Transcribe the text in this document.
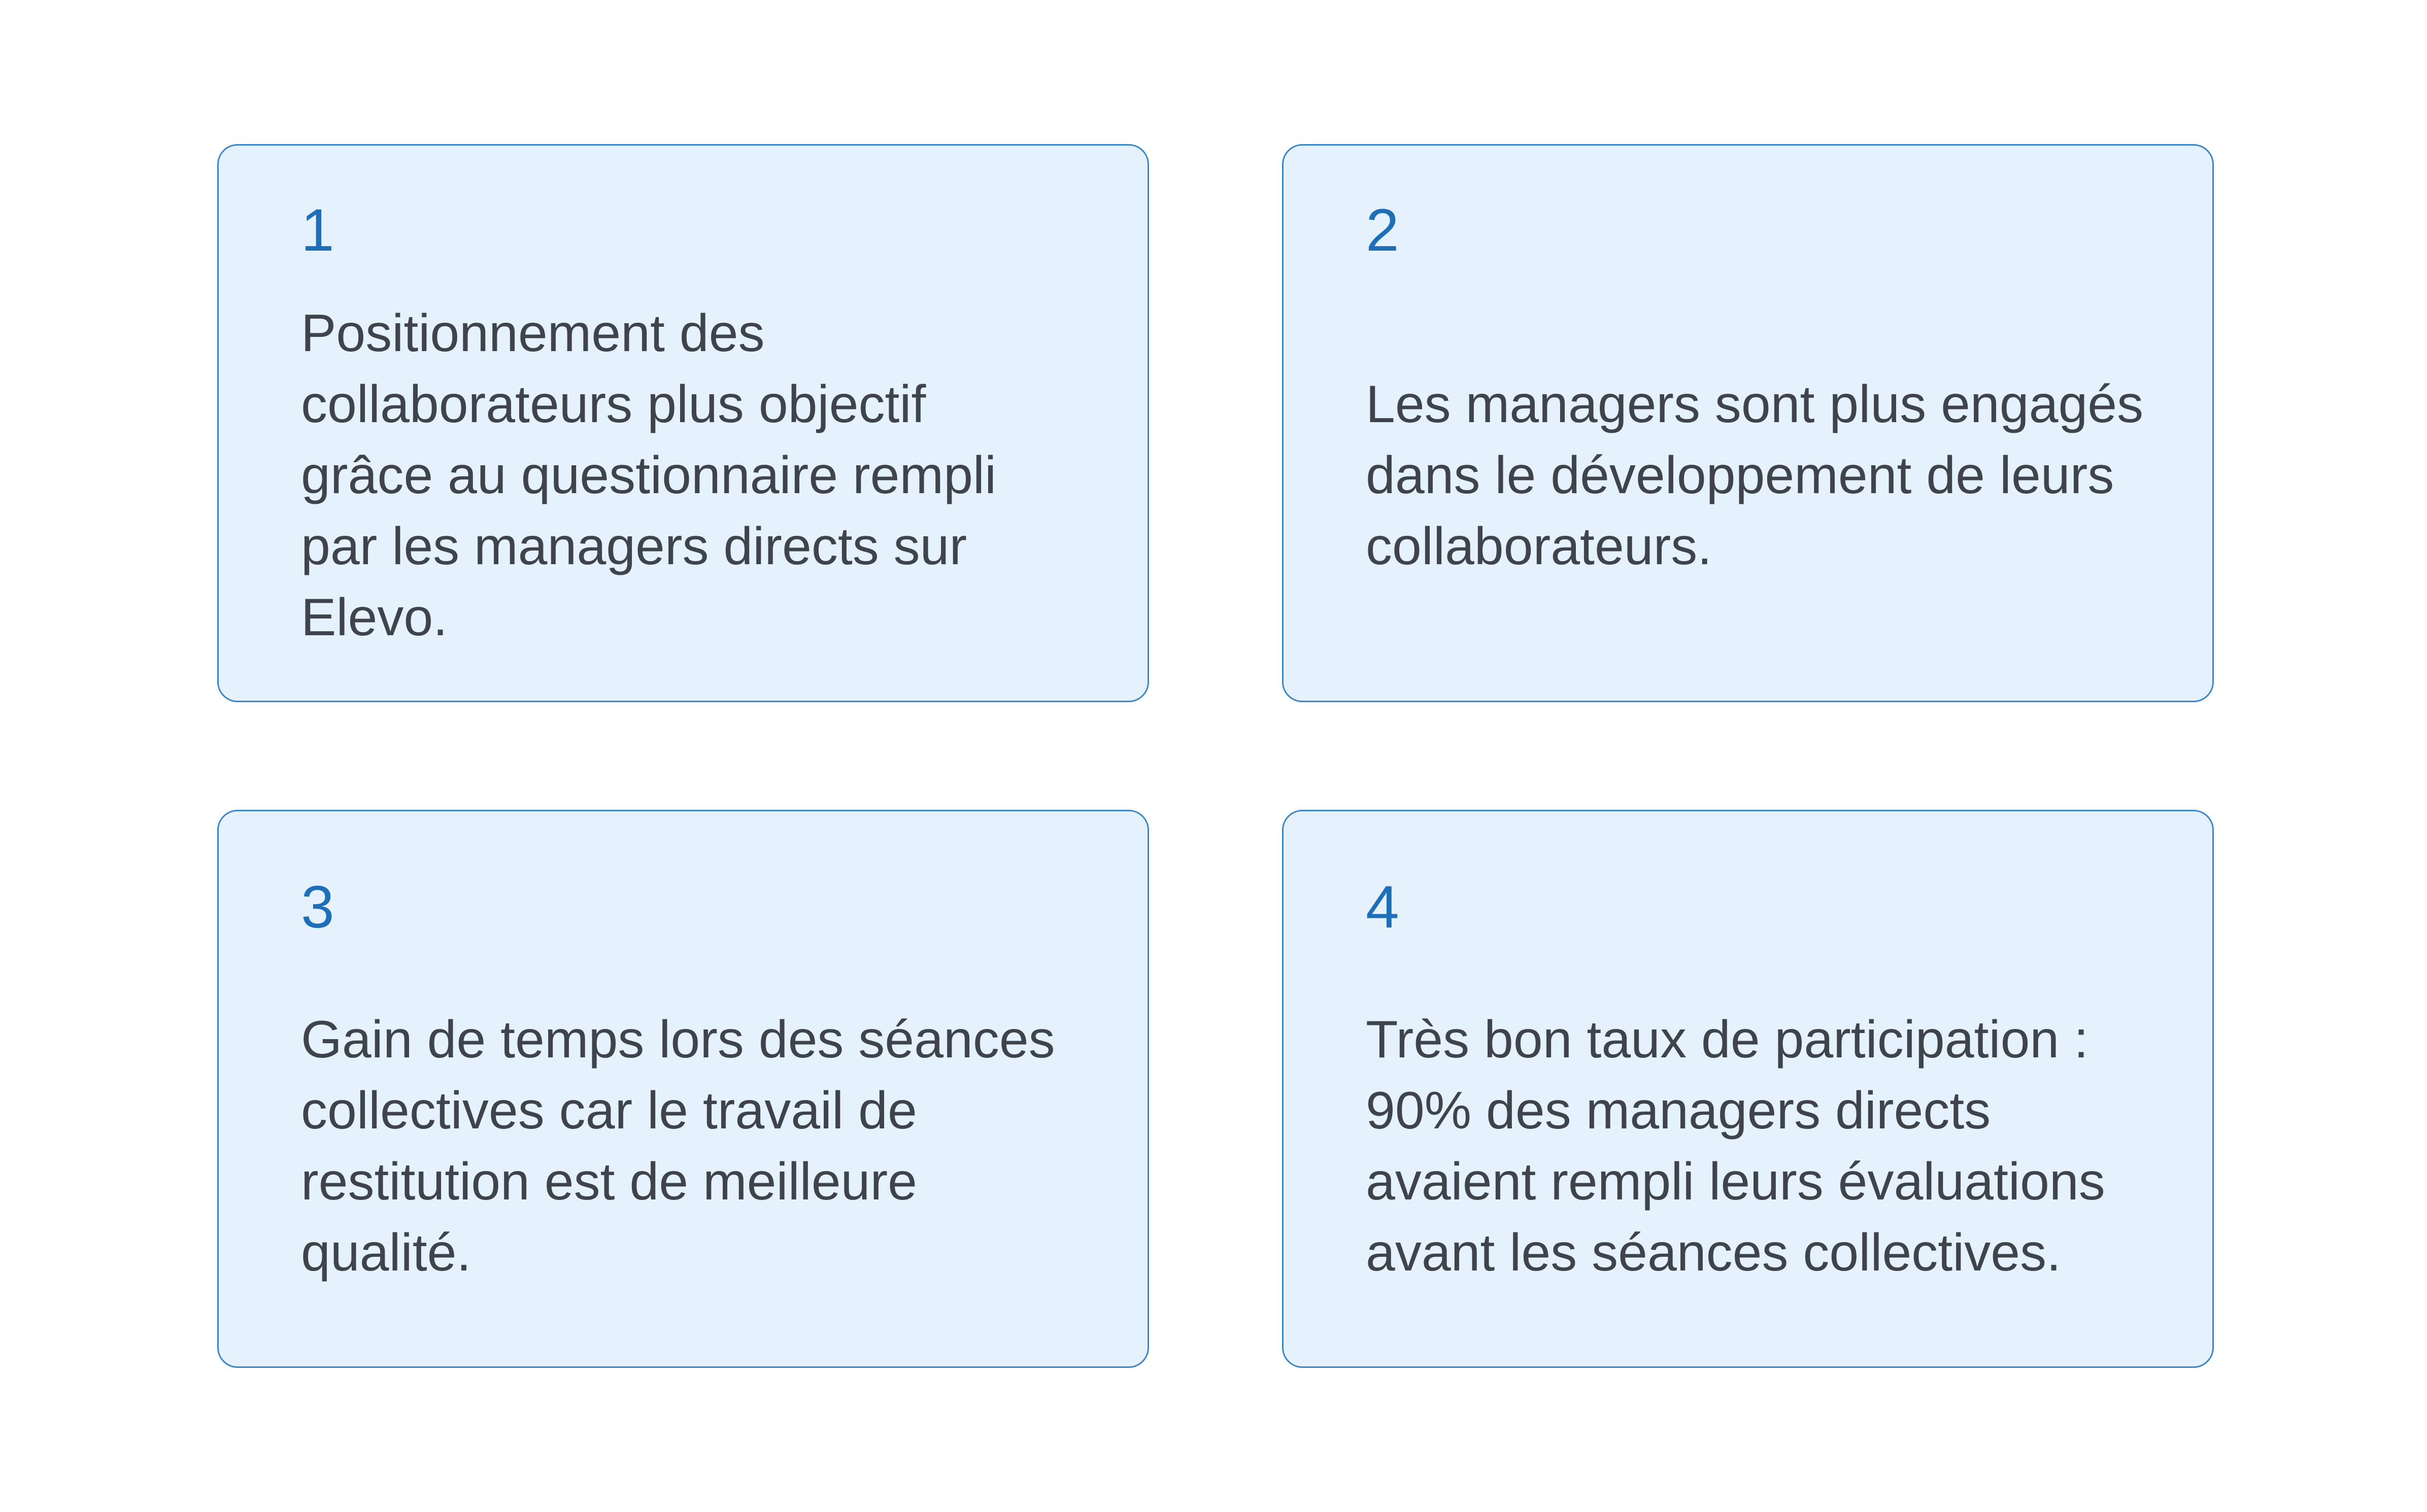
1

Positionnement des
collaborateurs plus objectif
grâce au questionnaire rempli
par les managers directs sur
Elevo.

2

Les managers sont plus engagés
dans le développement de leurs
collaborateurs.

3

Gain de temps lors des séances
collectives car le travail de
restitution est de meilleure
qualité.

4

Très bon taux de participation :
90% des managers directs
avaient rempli leurs évaluations
avant les séances collectives.
